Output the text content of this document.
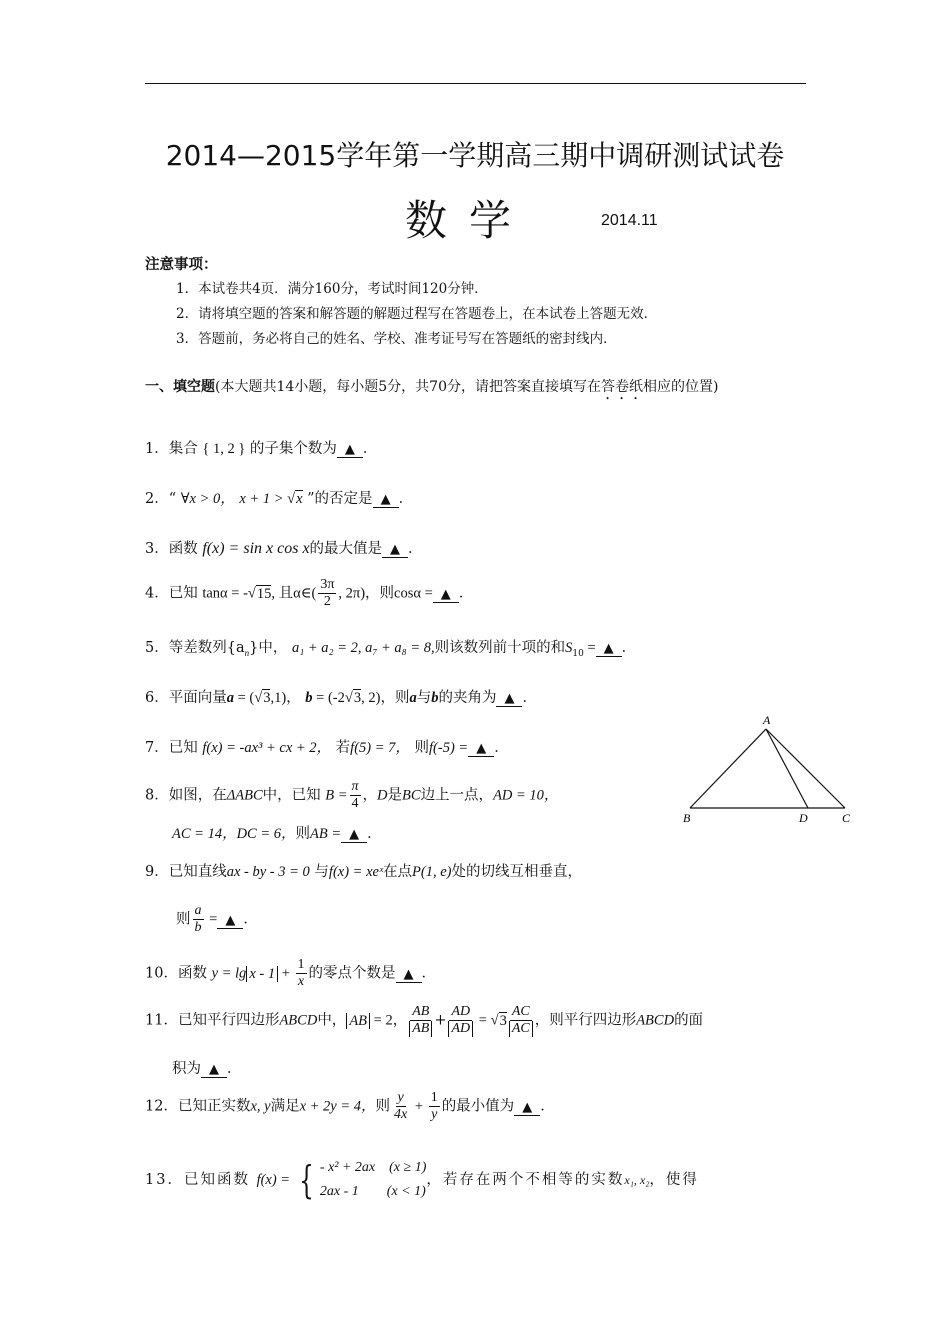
2014—2015学年第一学期高三期中调研测试试卷
数学	2014.11
注意事项：
1．本试卷共4页．满分160分，考试时间120分钟．
2．请将填空题的答案和解答题的解题过程写在答题卷上，在本试卷上答题无效．
3．答题前，务必将自己的姓名、学校、准考证号写在答题纸的密封线内．
一、填空题(本大题共14小题，每小题5分，共70分，请把答案直接填写在答卷纸相应的位置)
1．集合 { 1, 2 } 的子集个数为 ▲ ．
2．“ ∀x > 0， x + 1 > √x ”的否定是 ▲ ．
3．函数 f(x) = sin x cos x的最大值是 ▲ ．
4．已知 tanα = -√15, 且α∈( $\frac{3\pi}{2}$ , 2π)，则cosα = ▲ ．
5．等差数列$\{a_n\}$中， a₁ + a₂ = 2, a₇ + a₈ = 8,则该数列前十项的和$S_{10}$ = ▲ ．
6．平面向量a = (√3,1)， b = (-2√3, 2)，则a与b的夹角为 ▲ ．
7．已知 f(x) = -ax³ + cx + 2， 若f(5) = 7， 则f(-5) = ▲ ．
8．如图，在ΔABC中，已知 $B = \frac{\pi}{4}$ ，D是BC边上一点，AD = 10，
AC = 14，DC = 6，则AB = ▲ ．
A
B	D	C
9．已知直线ax - by - 3 = 0 与f(x) = xeˣ在点P(1, e)处的切线互相垂直，
则 $\frac{a}{b}$ = ▲ ．
10．函数 $y = \lg x - 1 + \frac{1}{x}$ 的零点个数是 ▲ ．
11．已知平行四边形ABCD中， AB = 2， $\frac{AB}{AB} + \frac{AD}{AD} = √3 \frac{AC}{AC}$ ，则平行四边形ABCD的面
积为 ▲ ．
12．已知正实数x, y满足x + 2y = 4，则 $\frac{y}{4x} + \frac{1}{y}$ 的最小值为 ▲ ．
13．已知函数 f(x) = { - x² + 2ax　(x ≥ 1)
2ax - 1　　(x < 1)
，若存在两个不相等的实数x₁, x₂，使得
